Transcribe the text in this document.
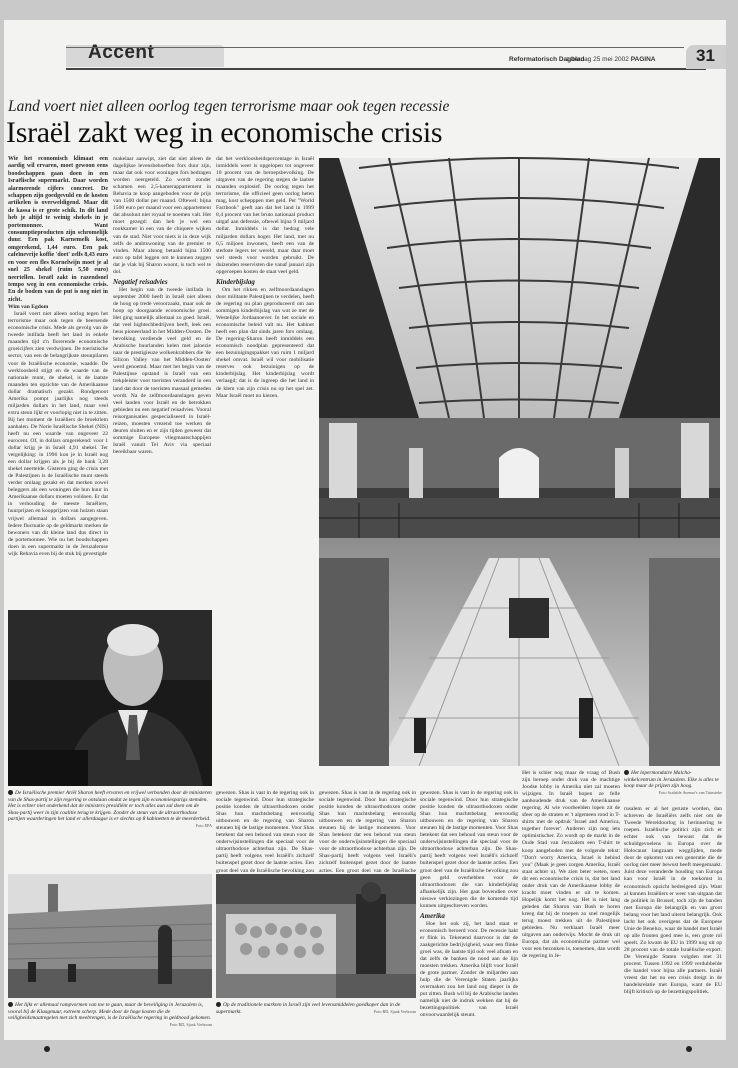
Accent	Reformatorisch Dagblad
zaterdag 25 mei 2002 PAGINA 31
Land voert niet alleen oorlog tegen terrorisme maar ook tegen recessie
Israël zakt weg in economische crisis

Wie het economisch klimaat een aardig wil ervaren, moet gewoon eens boodschappen gaan doen in een Israëlische supermarkt. Daar worden alarmerende cijfers concreet. De schappen zijn goedgevuld en de kosten artikelen is overweldigend. Maar dit de kassa is er grote schik. In dit land heb je altijd te weinig shekels in je portemonnee. Want consumptieproducten zijn schromelijk duur. Een pak Karnemelk kost, omgerekend, 1,44 euro. Een pak cafeïnevrije koffie 'doet' zelfs 8,43 euro en voor een fles Kornelwijn moet je al snel 25 shekel (ruim 5,50 euro) neertellen. Israël zakt in razendsnel tempo weg in een economische crisis. En de bodem van de put is nog niet in zicht.

Wim van Egdom

Israël voert niet alleen oorlog tegen het terrorisme maar ook tegen de heersende economische crisis. Mede als gevolg van de tweede intifada heeft het land in enkele maanden tijd z'n florerende economische groeicijfers zien verdwijnen. De toeristische sector, van een de belangrijkste steunpilaren voor de Israëlische economie, waadde. De werkloosheid stijgt en de waarde van de nationale munt, de shekel, is de laatste maanden ten opzichte van de Amerikaanse dollar dramatisch gezakt. Rondgenoot Amerika pompt jaarlijks nog steeds miljarden dollars in het land, maar veel extra steun lijkt er voorlopig niet in te zitten. Bij het moment de Israëliers de broekriem aanhalen. De Norie Israëlische Shekel (NIS) heeft nu een waarde van ongeveer 22 eurocent. Of, in dollars omgerekend: voor 1 dollar krijg je in Israël 4,91 shekel. Ter vergelijking: in 1996 kon je in Israël nog een dollar krijgen als je bij de bank 3,28 shekel neertelde. Gisteren ging de crisis met de Palestijnen is de Israëlische munt steeds verder omlaag gezakt en dat merken zowel beleggers als een woningen die hun huur in Amerikaanse dollars moeten voldoen. Er dat in verhouding de meeste Israëliers, huurprijzen en koopprijzen van huizen staan vrijwel allemaal in dollars aangegeven. Iedere fluctuatie op de geldmarkt merken de bewoners van dit kleine land dus direct in de portemonnee. Wie nu het boodschappen doen in een supermarkt in de Jeruzalemse wijk Rehavia even bij de stuk bij gevestigde

makelaar aanwipt, ziet dat niet alleen de dagelijkse levensbehoeften fors duur zijn, maar dat ook voor woningen fors bedragen worden neergeteld. Zo wordt zonder schamen een 2,5-kamerappartement in Rehavia te koop aangeboden voor de prijs van 1500 dollar per maand. Oftewel: bijna 1500 euro per maand voor een appartement dat absoluut niet royaal te noemen valt. Het moet gezegd: dan heb je wel een rookkamer in een van de chiquere wijken van de stad. Niet voor niets is in deze wijk zelfs de ambtswoning van de premier te vinden. Maar alsnog betaald bijna 1500 euro op tafel leggen om te kunnen zeggen dat je vlak bij Sharon woont, is toch wel te dol.

Negatief reisadvies

Het begin van de tweede intifada in september 2000 heeft in Israël niet alleen de hoog op trede veroorzaakt, maar ook de hoop op doorgaande economische groei. Het ging namelijk allemaal zo goed. Israël, dat veel hightechbedrijven heeft, leek een heus pioneerland in het Midden-Oosten. De bevolking verdiende veel geld en de Arabische buurlanden kelen met jaloezie naar de prestigieuze wolkenkrabbers die 'de Silicon Valley van het Midden-Oosten' werd genoemd. Maar met het begin van de Palestijnse opstand is Israël van een trekpleister voor toeristen veranderd in een land dat door de toeristen massaal gemeden wordt. Na de zelfmoordaanslagen geven veel landen voor Israël en de betrokken gebieden nu een negatief reisadvies. Vooral reisorganisaties gespecialiseerd in Israël-reizen, moesten vrezend toe werken de deuren sluiten en er zijn tijden geweest dat sommige Europese vliegmaatschappijen Israël vanuit Tel Aviv via speciaal bereikbaar waren.

dat het werkloosheidspercentage in Israël inmiddels weer is opgelopen tot ongeveer 10 procent van de beroepsbevolking. De uitgaven van de regering stegen de laatste maanden explosief. De oorlog tegen het terrorisme, die officieel geen oorlog heten mag, kost schepppen met geld. Per "World Factbook" geeft aan dat het land in 1999 8,4 procent van het bruto nationaal product uitgaf aan defensie, oftewel bijna 9 miljard dollar. Inmiddels is dat bedrag vele miljarden dollars hoger. Het land, met nu 6,5 miljoen inwoners, heeft een van de sterkste legers ter wereld, maar daar moet wel steeds voor worden gebruikt. De duizenden reservisten die vanaf januari zijn opgeroepen kosten de staat veel geld.

Kinderbijslag

Om het rikken en zelfmoordaanslagen door militante Palestijnen te verdelen, heeft de regering nu plan geproduceerd om aan sommigen kinderbijslag van wat ze met de Westelijke Jordaanoever. In het sociale en economische beleid valt nu. Het kabinet heeft een plan dat sinds jaren fors omlaag. De regering-Sharon heeft inmiddels een economisch noodplan gepresenteerd dat een bezuinigingspakket van ruim 1 miljard shekel omvat. Israël wil voor mobilisatie reserves ook bezuinigen op de kinderbijslag. Het kinderbijslag wordt verlaagd; dat is de ingreep die het land in de klem van zijn crisis nu op het spel zet. Maar Israël moet nu kiezen.

De Israëlische premier Ariël Sharon heeft ervaren en vrijwel verbonden door de ministeren van de Shas-partij te zijn regering te ontslaan omdat ze tegen zijn economiesparigs stemden. Het is echter niet onderkend dat de ministers presidiënt er toch alles aan zal doen om de Shas-partij weer in zijn coalitie terug te krijgen. Zonder de steun van de ultraorthodoxe partijen waarderingen het land er allerdaagse is er slechts op 8 kabinetten te de meerderheid.
Foto EPA

gewezen. Shas is vast in de regering ook in sociale tegenwind. Door hun strategische positie konden de ultraorthodoxen onder Shas hun machtsbelang eenvoudig uitbouwen en de regering van Sharon steunen bij de lastige momenten. Voor Shas betekent dat een behoud van steun voor de onderwijsinstellingen die speciaal voor de ultraorthodoxe achterban zijn. De Shas-partij heeft volgens veel Israëli's zichzelf buitenspel gezet door de laatste acties. Een groot deel van de Israëlische bevolking zou

gewezen. Shas is vast in de regering ook in sociale tegenwind. Door hun strategische positie konden de ultraorthodoxen onder Shas hun machtsbelang eenvoudig uitbouwen en de regering van Sharon steunen bij de lastige momenten. Voor Shas betekent dat een behoud van steun voor de onderwijsinstellingen die speciaal voor de ultraorthodoxe achterban zijn. De Shas-partij heeft volgens veel Israëli's zichzelf buitenspel gezet door de laatste acties. Een groot deel van de Israëlische

gewezen. Shas is vast in de regering ook in sociale tegenwind. Door hun strategische positie konden de ultraorthodoxen onder Shas hun machtsbelang eenvoudig uitbouwen en de regering van Sharon steunen bij de lastige momenten. Voor Shas betekent dat een behoud van steun voor de onderwijsinstellingen die speciaal voor de ultraorthodoxe achterban zijn. De Shas-partij heeft volgens veel Israëli's zichzelf buitenspel gezet door de laatste acties. Een groot deel van de Israëlische bevolking zou geen geld overhebben voor de ultraorthodoxen die van kinderbijslag afhankelijk zijn. Het gaat bovendien over nieuwe verkiezingen die de komende tijd kunnen uitgeschreven worden.

Amerika

Hoe het ook zij, het land staat er economisch beroerd voor. De recessie hakt er flink in. Tekenend daarvoor is dat de zaakgerichte bedrijvigheid, waar een flinke groei was, de laatste tijd ook veel afnam en dat zelfs de banken de nood aan de lijn moesten trekken. Amerika blijft voor Israël de grote partner. Zonder de miljarden aan hulp die de Verenigde Staten jaarlijks overmaken zou het land nog dieper in de put zitten. Bush wil bij de Arabische landen namelijk niet de indruk wekken dat hij de bezettingspolitiek van Israël onvoorwaardelijk steunt.

Het is schier nog maar de vraag of Bush zijn beroep onder druk van de machtige Joodse lobby in Amerika niet zal moeten wijzigen. In Israël hopen ze felle aanhoudende druk van de Amerikaanse regering. Al wie voorbeelden lopen zit de sfeer op de straten er 't algemeen rond in T-shirts met de opdruk 'Israel and America, together forever'. Anderen zijn nog iets optimistischer. Zo wordt op de markt in de Oude Stad van Jeruzalem een T-shirt te koop aangeboden met de volgende tekst: "Don't worry America, Israel is behind you" (Maak je geen zorgen Amerika, Israël staat achter u). We zien beter weten, toen dit een economische crisis is, dat het land onder druk van de Amerikaanse lobby de kracht moet vinden er uit te komen. Hopelijk komt het nog. Het is niet lang geleden dat Sharon van Bush te horen kreeg dat hij de troepen zo snel mogelijk terug moest trekken uit de Palestijnse gebieden. Nu verklaart Israël meer uitgaven aan onderwijs. Mocht de druk uit Europa, dat als economische partner wel voor een bezonken is, toenemen, dan wordt de regering in Je-

Het lopermondaire Malcha-winkelcentrum in Jeruzalem. Elke is alles te koop maar de prijzen zijn hoog.
Foto Scalable Avenue's van Tuinsteke

rusalem er al het geruste worden, dan schreven de Israëliërs zelfs niet om de Tweede Wereldoorlog in herinnering te roepen. Israëlische politici zijn zich er echter ook van bewust dat de schuldgevoelens in Europa over de Holocaust langzaam wegglijden, mede door de opkomst van een generatie die de oorlog niet meer bewust heeft meegemaakt. Juist deze veranderde houding van Europa kan voor Israël in de toekomst in economisch opzicht bedreigend zijn. Want al kunnen Israëliers er weer van uitgaan dat de politiek in Brussel, toch zijn de banden met Europa die belangrijk en van groot belang voor het land uiterst belangrijk. Ook lacht het ook overigens dat de Europese Unie de Benelux, waar de handel met Israël op alle fronten goed mee is, een grote rol speelt. Zo kwam de EU in 1999 nog uit op 28 procent van de totale Israëlische export. De Verenigde Staten volgden met 31 procent. Tussen 1992 en 1999 verdubbelde die handel voor bijna alle partners. Israël vreest dat het nu een crisis dreigt in de handelsrelatie met Europa, want de EU blijft kritisch op de bezettingspolitiek.

Het lijkt er allemaal rampvormen van toe te gaan, maar de beveiliging in Jeruzalem is, vooral bij de Klaagmuur, extreem scherp. Mede door de hoge kosten die de veiligheidsmaatregelen met zich meebrengen, is de Israëlische regering in geldnood gekomen.
Foto RD, Sjaak Verboom
Op de traditionele markten in Israël zijn veel levensmiddelen goedkoper dan in de supermarkt.	Foto RD, Sjaak Verboom
